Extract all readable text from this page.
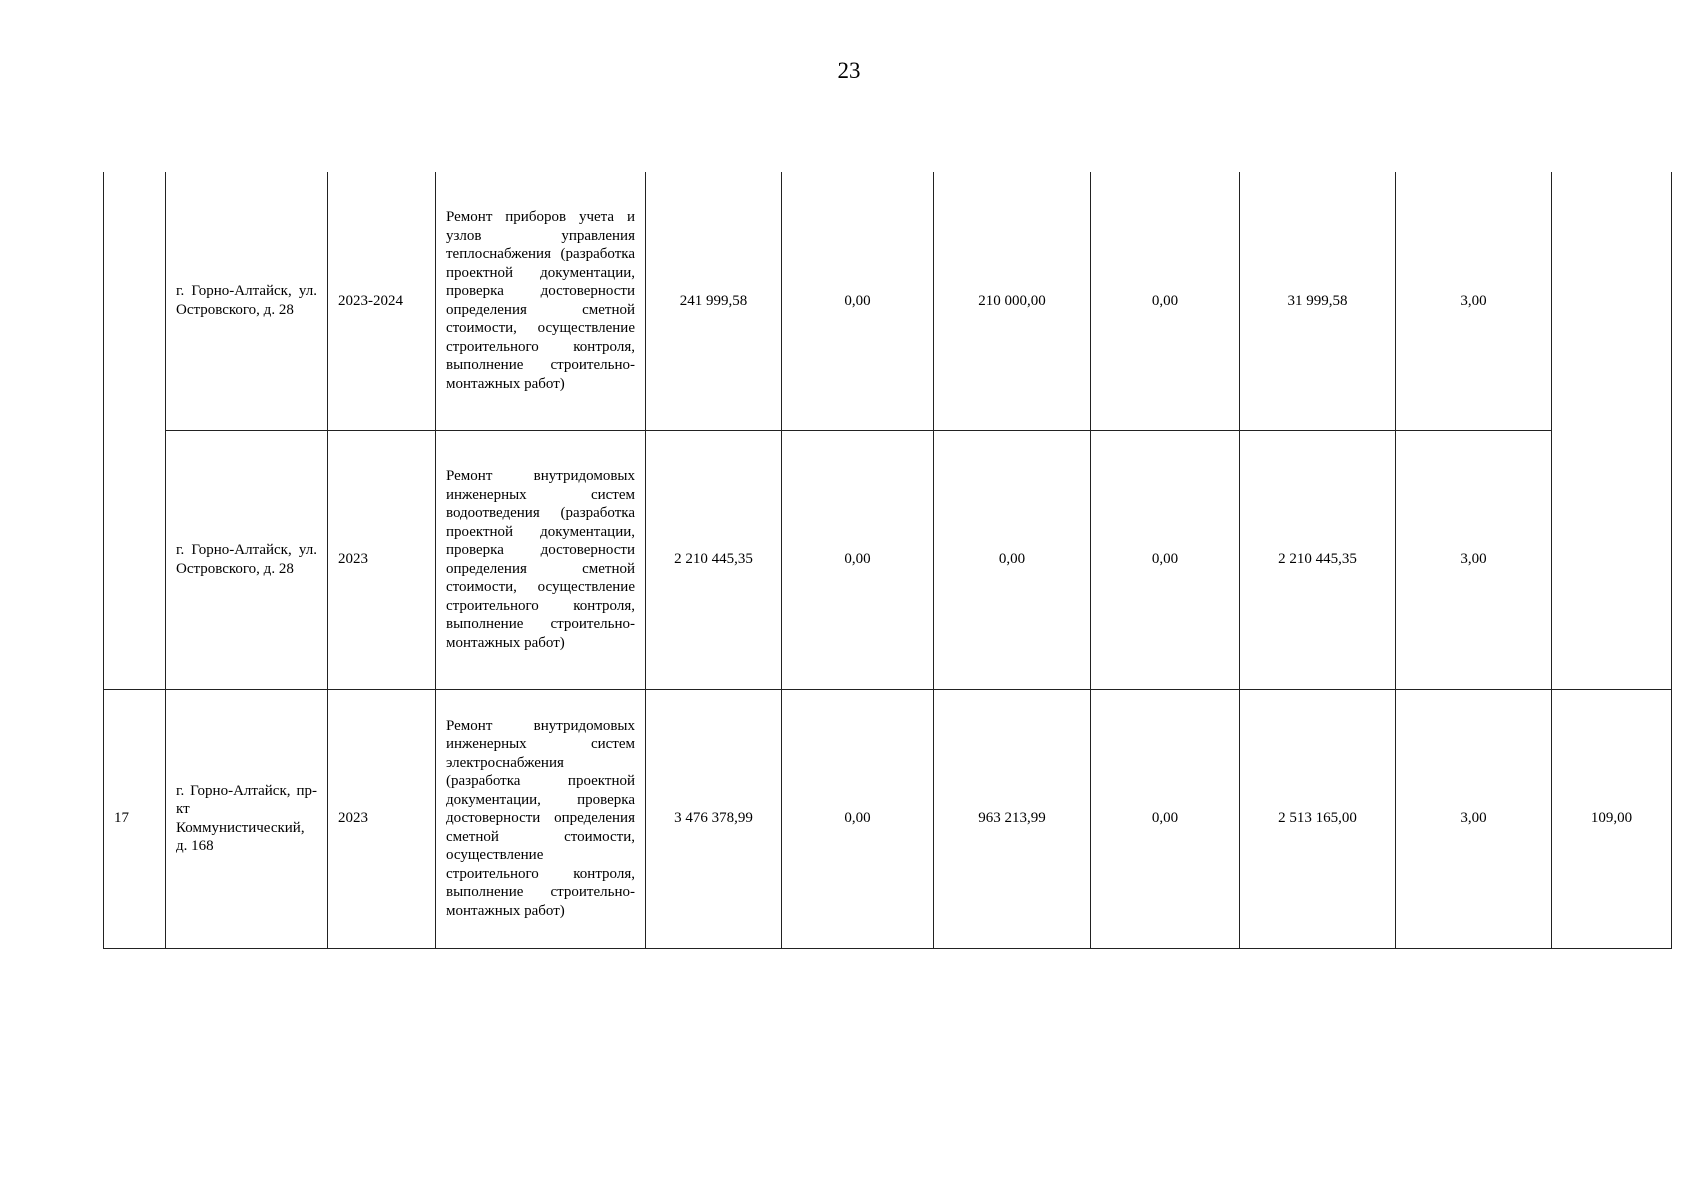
23
	г. Горно-Алтайск, ул. Островского, д. 28	2023-2024	Ремонт приборов учета и узлов управления теплоснабжения (разработка проектной документации, проверка достоверности определения сметной стоимости, осуществление строительного контроля, выполнение строительно-монтажных работ)	241 999,58	0,00	210 000,00	0,00	31 999,58	3,00	
	г. Горно-Алтайск, ул. Островского, д. 28	2023	Ремонт внутридомовых инженерных систем водоотведения (разработка проектной документации, проверка достоверности определения сметной стоимости, осуществление строительного контроля, выполнение строительно-монтажных работ)	2 210 445,35	0,00	0,00	0,00	2 210 445,35	3,00	
17	г. Горно-Алтайск, пр-кт Коммунистический, д. 168	2023	Ремонт внутридомовых инженерных систем электроснабжения (разработка проектной документации, проверка достоверности определения сметной стоимости, осуществление строительного контроля, выполнение строительно-монтажных работ)	3 476 378,99	0,00	963 213,99	0,00	2 513 165,00	3,00	109,00
